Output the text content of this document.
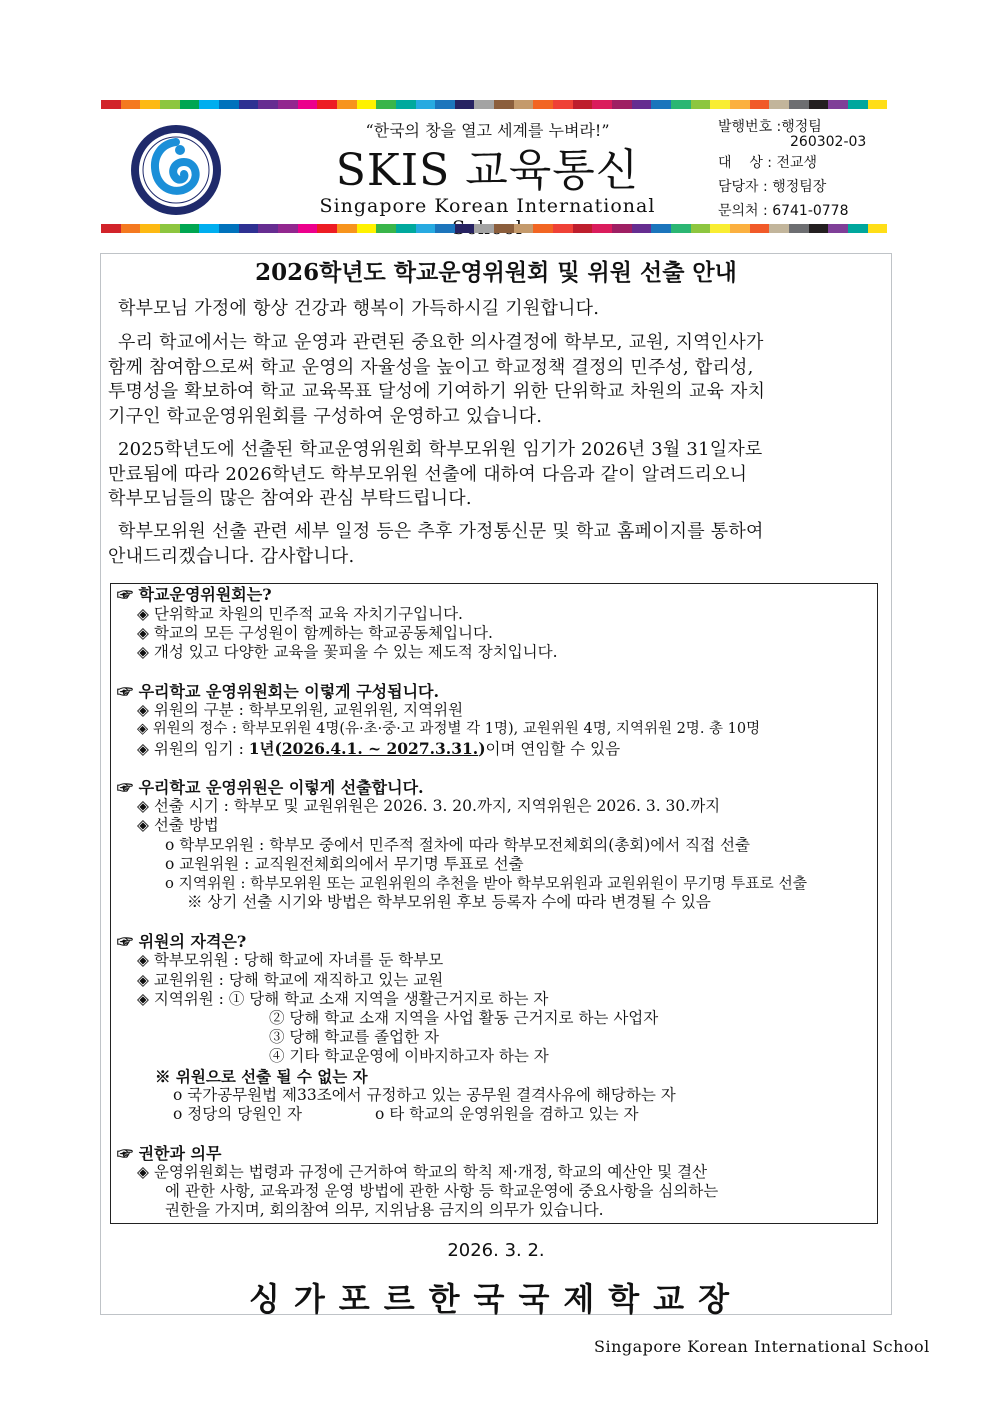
“한국의 창을 열고 세계를 누벼라!”
SKIS 교육통신
Singapore Korean International
발행번호 :행정팀
260302-03
대    상 : 전교생
담당자 : 행정팀장
문의처 : 6741-0778
2026학년도 학교운영위원회 및 위원 선출 안내
학부모님 가정에 항상 건강과 행복이 가득하시길 기원합니다.

우리 학교에서는 학교 운영과 관련된 중요한 의사결정에 학부모, 교원, 지역인사가

함께 참여함으로써 학교 운영의 자율성을 높이고 학교정책 결정의 민주성, 합리성,

투명성을 확보하여 학교 교육목표 달성에 기여하기 위한 단위학교 차원의 교육 자치

기구인 학교운영위원회를 구성하여 운영하고 있습니다.

2025학년도에 선출된 학교운영위원회 학부모위원 임기가 2026년 3월 31일자로

만료됨에 따라 2026학년도 학부모위원 선출에 대하여 다음과 같이 알려드리오니

학부모님들의 많은 참여와 관심 부탁드립니다.

학부모위원 선출 관련 세부 일정 등은 추후 가정통신문 및 학교 홈페이지를 통하여

안내드리겠습니다. 감사합니다.

☞ 학교운영위원회는?
◈ 단위학교 차원의 민주적 교육 자치기구입니다.
◈ 학교의 모든 구성원이 함께하는 학교공동체입니다.
◈ 개성 있고 다양한 교육을 꽃피울 수 있는 제도적 장치입니다.
☞ 우리학교 운영위원회는 이렇게 구성됩니다.
◈ 위원의 구분 : 학부모위원, 교원위원, 지역위원
◈ 위원의 정수 : 학부모위원 4명(유·초·중·고 과정별 각 1명), 교원위원 4명, 지역위원 2명. 총 10명
◈ 위원의 임기 : 1년(2026.4.1. ~ 2027.3.31.)이며 연임할 수 있음
☞ 우리학교 운영위원은 이렇게 선출합니다.
◈ 선출 시기 : 학부모 및 교원위원은 2026. 3. 20.까지, 지역위원은 2026. 3. 30.까지
◈ 선출 방법
o 학부모위원 : 학부모 중에서 민주적 절차에 따라 학부모전체회의(총회)에서 직접 선출
o 교원위원 : 교직원전체회의에서 무기명 투표로 선출
o 지역위원 : 학부모위원 또는 교원위원의 추천을 받아 학부모위원과 교원위원이 무기명 투표로 선출
※ 상기 선출 시기와 방법은 학부모위원 후보 등록자 수에 따라 변경될 수 있음
☞ 위원의 자격은?
◈ 학부모위원 : 당해 학교에 자녀를 둔 학부모
◈ 교원위원 : 당해 학교에 재직하고 있는 교원
◈ 지역위원 : ① 당해 학교 소재 지역을 생활근거지로 하는 자
② 당해 학교 소재 지역을 사업 활동 근거지로 하는 사업자
③ 당해 학교를 졸업한 자
④ 기타 학교운영에 이바지하고자 하는 자
※ 위원으로 선출 될 수 없는 자
o 국가공무원법 제33조에서 규정하고 있는 공무원 결격사유에 해당하는 자
o 정당의 당원인 자	o 타 학교의 운영위원을 겸하고 있는 자
☞ 권한과 의무
◈ 운영위원회는 법령과 규정에 근거하여 학교의 학칙 제·개정, 학교의 예산안 및 결산
에 관한 사항, 교육과정 운영 방법에 관한 사항 등 학교운영에 중요사항을 심의하는
권한을 가지며, 회의참여 의무, 지위남용 금지의 의무가 있습니다.
2026. 3. 2.
싱가포르한국국제학교장
Singapore Korean International School
